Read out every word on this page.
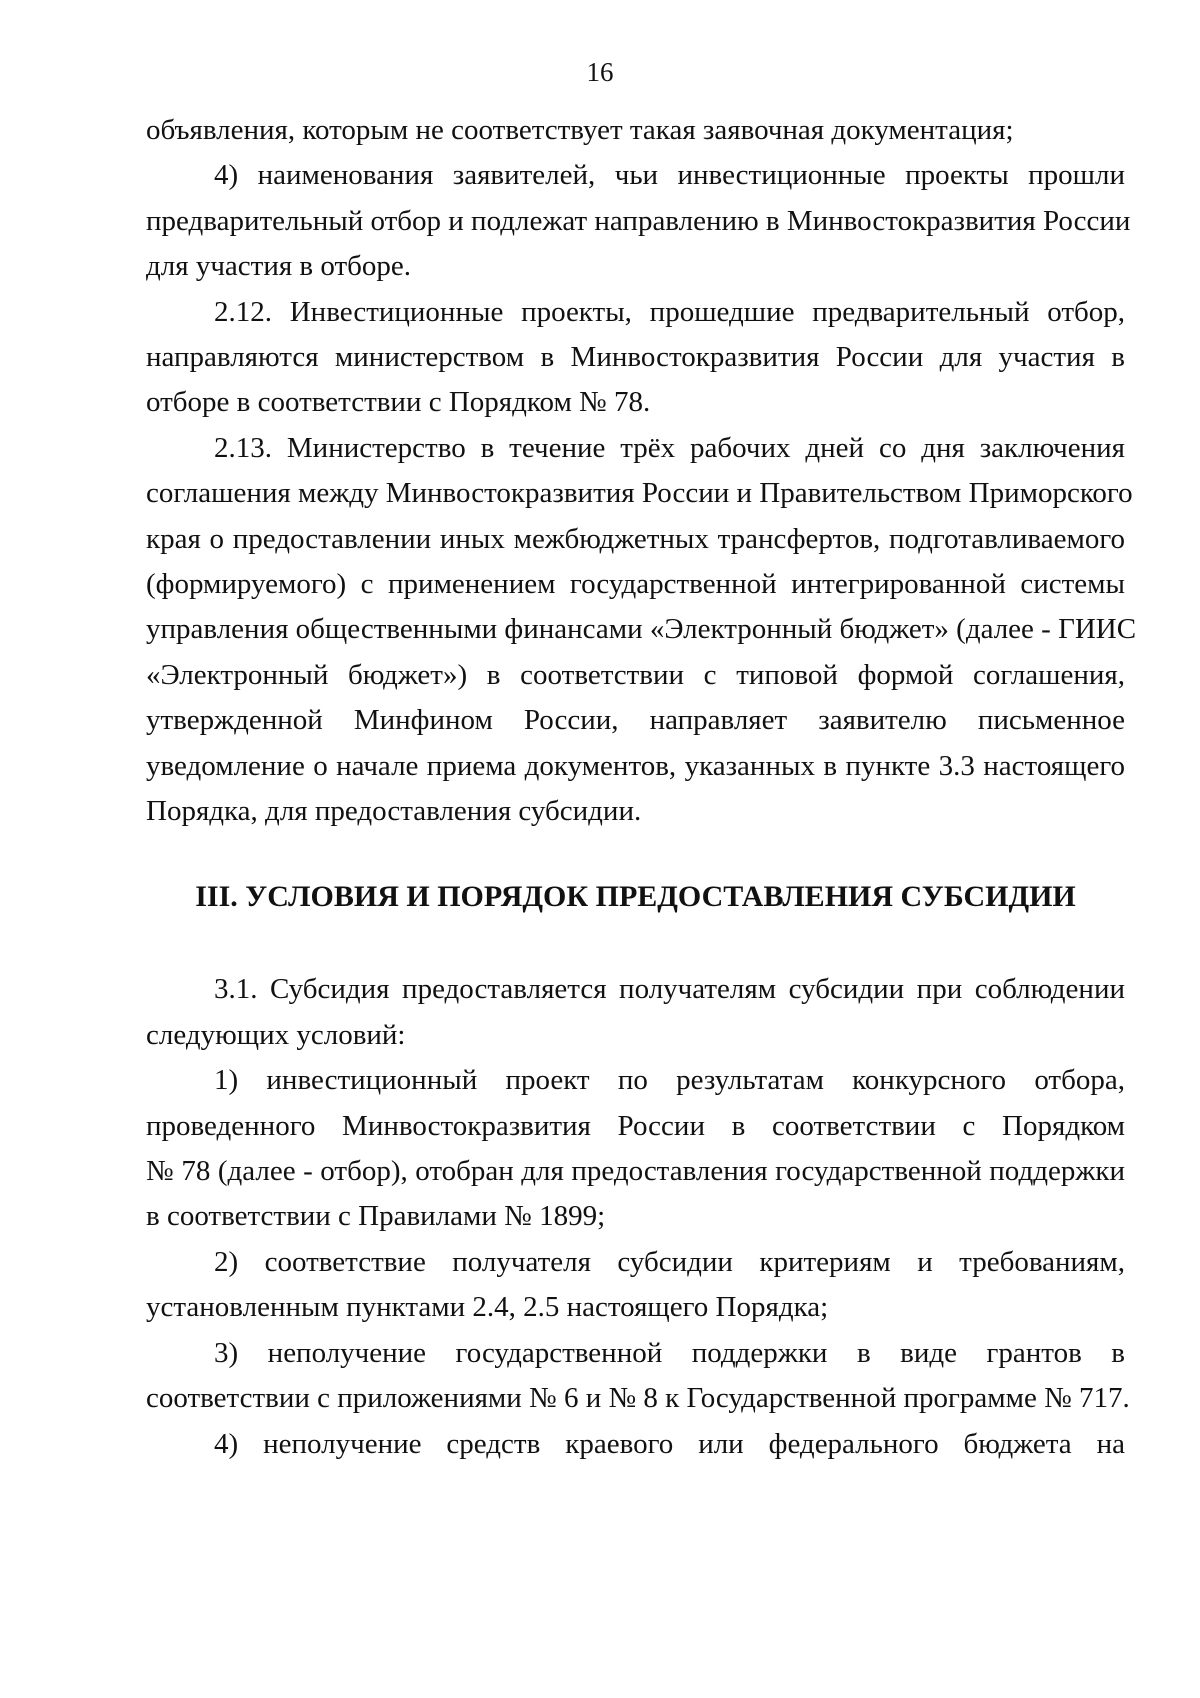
16
объявления, которым не соответствует такая заявочная документация;
4) наименования заявителей, чьи инвестиционные проекты прошли
предварительный отбор и подлежат направлению в Минвостокразвития России
для участия в отборе.
2.12. Инвестиционные проекты, прошедшие предварительный отбор,
направляются министерством в Минвостокразвития России для участия в
отборе в соответствии с Порядком № 78.
2.13. Министерство в течение трёх рабочих дней со дня заключения
соглашения между Минвостокразвития России и Правительством Приморского
края о предоставлении иных межбюджетных трансфертов, подготавливаемого
(формируемого) с применением государственной интегрированной системы
управления общественными финансами «Электронный бюджет» (далее - ГИИС
«Электронный бюджет») в соответствии с типовой формой соглашения,
утвержденной Минфином России, направляет заявителю письменное
уведомление о начале приема документов, указанных в пункте 3.3 настоящего
Порядка, для предоставления субсидии.
III. УСЛОВИЯ И ПОРЯДОК ПРЕДОСТАВЛЕНИЯ СУБСИДИИ
3.1. Субсидия предоставляется получателям субсидии при соблюдении
следующих условий:
1) инвестиционный проект по результатам конкурсного отбора,
проведенного Минвостокразвития России в соответствии с Порядком
№ 78 (далее - отбор), отобран для предоставления государственной поддержки
в соответствии с Правилами № 1899;
2) соответствие получателя субсидии критериям и требованиям,
установленным пунктами 2.4, 2.5 настоящего Порядка;
3) неполучение государственной поддержки в виде грантов в
соответствии с приложениями № 6 и № 8 к Государственной программе № 717.
4) неполучение средств краевого или федерального бюджета на
